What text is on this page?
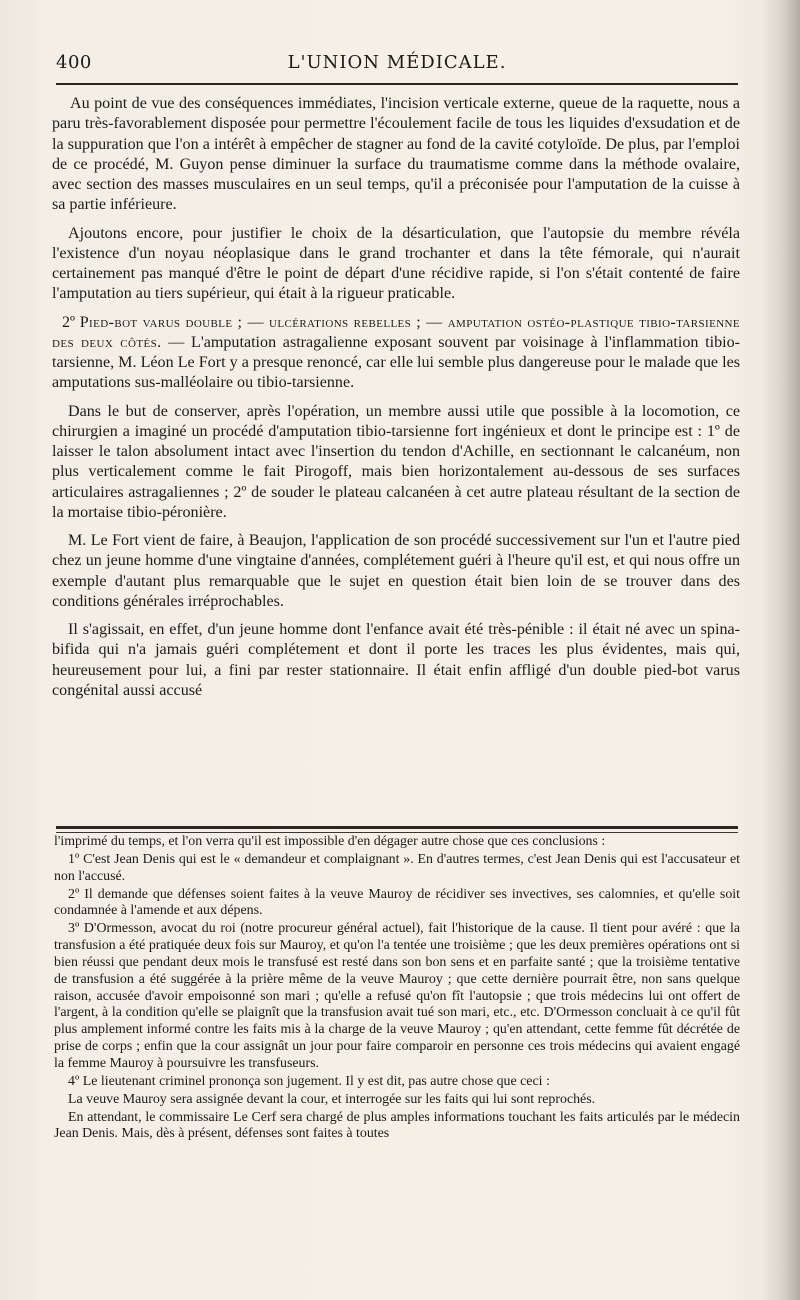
400	L'UNION MÉDICALE.

Au point de vue des conséquences immédiates, l'incision verticale externe, queue de la raquette, nous a paru très-favorablement disposée pour permettre l'écoulement facile de tous les liquides d'exsudation et de la suppuration que l'on a intérêt à empêcher de stagner au fond de la cavité cotyloïde. De plus, par l'emploi de ce procédé, M. Guyon pense diminuer la surface du traumatisme comme dans la méthode ovalaire, avec section des masses musculaires en un seul temps, qu'il a préconisée pour l'amputation de la cuisse à sa partie inférieure.

Ajoutons encore, pour justifier le choix de la désarticulation, que l'autopsie du membre révéla l'existence d'un noyau néoplasique dans le grand trochanter et dans la tête fémorale, qui n'aurait certainement pas manqué d'être le point de départ d'une récidive rapide, si l'on s'était contenté de faire l'amputation au tiers supérieur, qui était à la rigueur praticable.

2º Pied-bot varus double ; — ulcérations rebelles ; — amputation ostéo-plastique tibio-tarsienne des deux côtés. — L'amputation astragalienne exposant souvent par voisinage à l'inflammation tibio-tarsienne, M. Léon Le Fort y a presque renoncé, car elle lui semble plus dangereuse pour le malade que les amputations sus-malléolaire ou tibio-tarsienne.

Dans le but de conserver, après l'opération, un membre aussi utile que possible à la locomotion, ce chirurgien a imaginé un procédé d'amputation tibio-tarsienne fort ingénieux et dont le principe est : 1º de laisser le talon absolument intact avec l'insertion du tendon d'Achille, en sectionnant le calcanéum, non plus verticalement comme le fait Pirogoff, mais bien horizontalement au-dessous de ses surfaces articulaires astragaliennes ; 2º de souder le plateau calcanéen à cet autre plateau résultant de la section de la mortaise tibio-péronière.

M. Le Fort vient de faire, à Beaujon, l'application de son procédé successivement sur l'un et l'autre pied chez un jeune homme d'une vingtaine d'années, complétement guéri à l'heure qu'il est, et qui nous offre un exemple d'autant plus remarquable que le sujet en question était bien loin de se trouver dans des conditions générales irréprochables.

Il s'agissait, en effet, d'un jeune homme dont l'enfance avait été très-pénible : il était né avec un spina-bifida qui n'a jamais guéri complétement et dont il porte les traces les plus évidentes, mais qui, heureusement pour lui, a fini par rester stationnaire. Il était enfin affligé d'un double pied-bot varus congénital aussi accusé

l'imprimé du temps, et l'on verra qu'il est impossible d'en dégager autre chose que ces conclusions :

1º C'est Jean Denis qui est le « demandeur et complaignant ». En d'autres termes, c'est Jean Denis qui est l'accusateur et non l'accusé.

2º Il demande que défenses soient faites à la veuve Mauroy de récidiver ses invectives, ses calomnies, et qu'elle soit condamnée à l'amende et aux dépens.

3º D'Ormesson, avocat du roi (notre procureur général actuel), fait l'historique de la cause. Il tient pour avéré : que la transfusion a été pratiquée deux fois sur Mauroy, et qu'on l'a tentée une troisième ; que les deux premières opérations ont si bien réussi que pendant deux mois le transfusé est resté dans son bon sens et en parfaite santé ; que la troisième tentative de transfusion a été suggérée à la prière même de la veuve Mauroy ; que cette dernière pourrait être, non sans quelque raison, accusée d'avoir empoisonné son mari ; qu'elle a refusé qu'on fît l'autopsie ; que trois médecins lui ont offert de l'argent, à la condition qu'elle se plaignît que la transfusion avait tué son mari, etc., etc. D'Ormesson concluait à ce qu'il fût plus amplement informé contre les faits mis à la charge de la veuve Mauroy ; qu'en attendant, cette femme fût décrétée de prise de corps ; enfin que la cour assignât un jour pour faire comparoir en personne ces trois médecins qui avaient engagé la femme Mauroy à poursuivre les transfuseurs.

4º Le lieutenant criminel prononça son jugement. Il y est dit, pas autre chose que ceci :

La veuve Mauroy sera assignée devant la cour, et interrogée sur les faits qui lui sont reprochés.

En attendant, le commissaire Le Cerf sera chargé de plus amples informations touchant les faits articulés par le médecin Jean Denis. Mais, dès à présent, défenses sont faites à toutes
